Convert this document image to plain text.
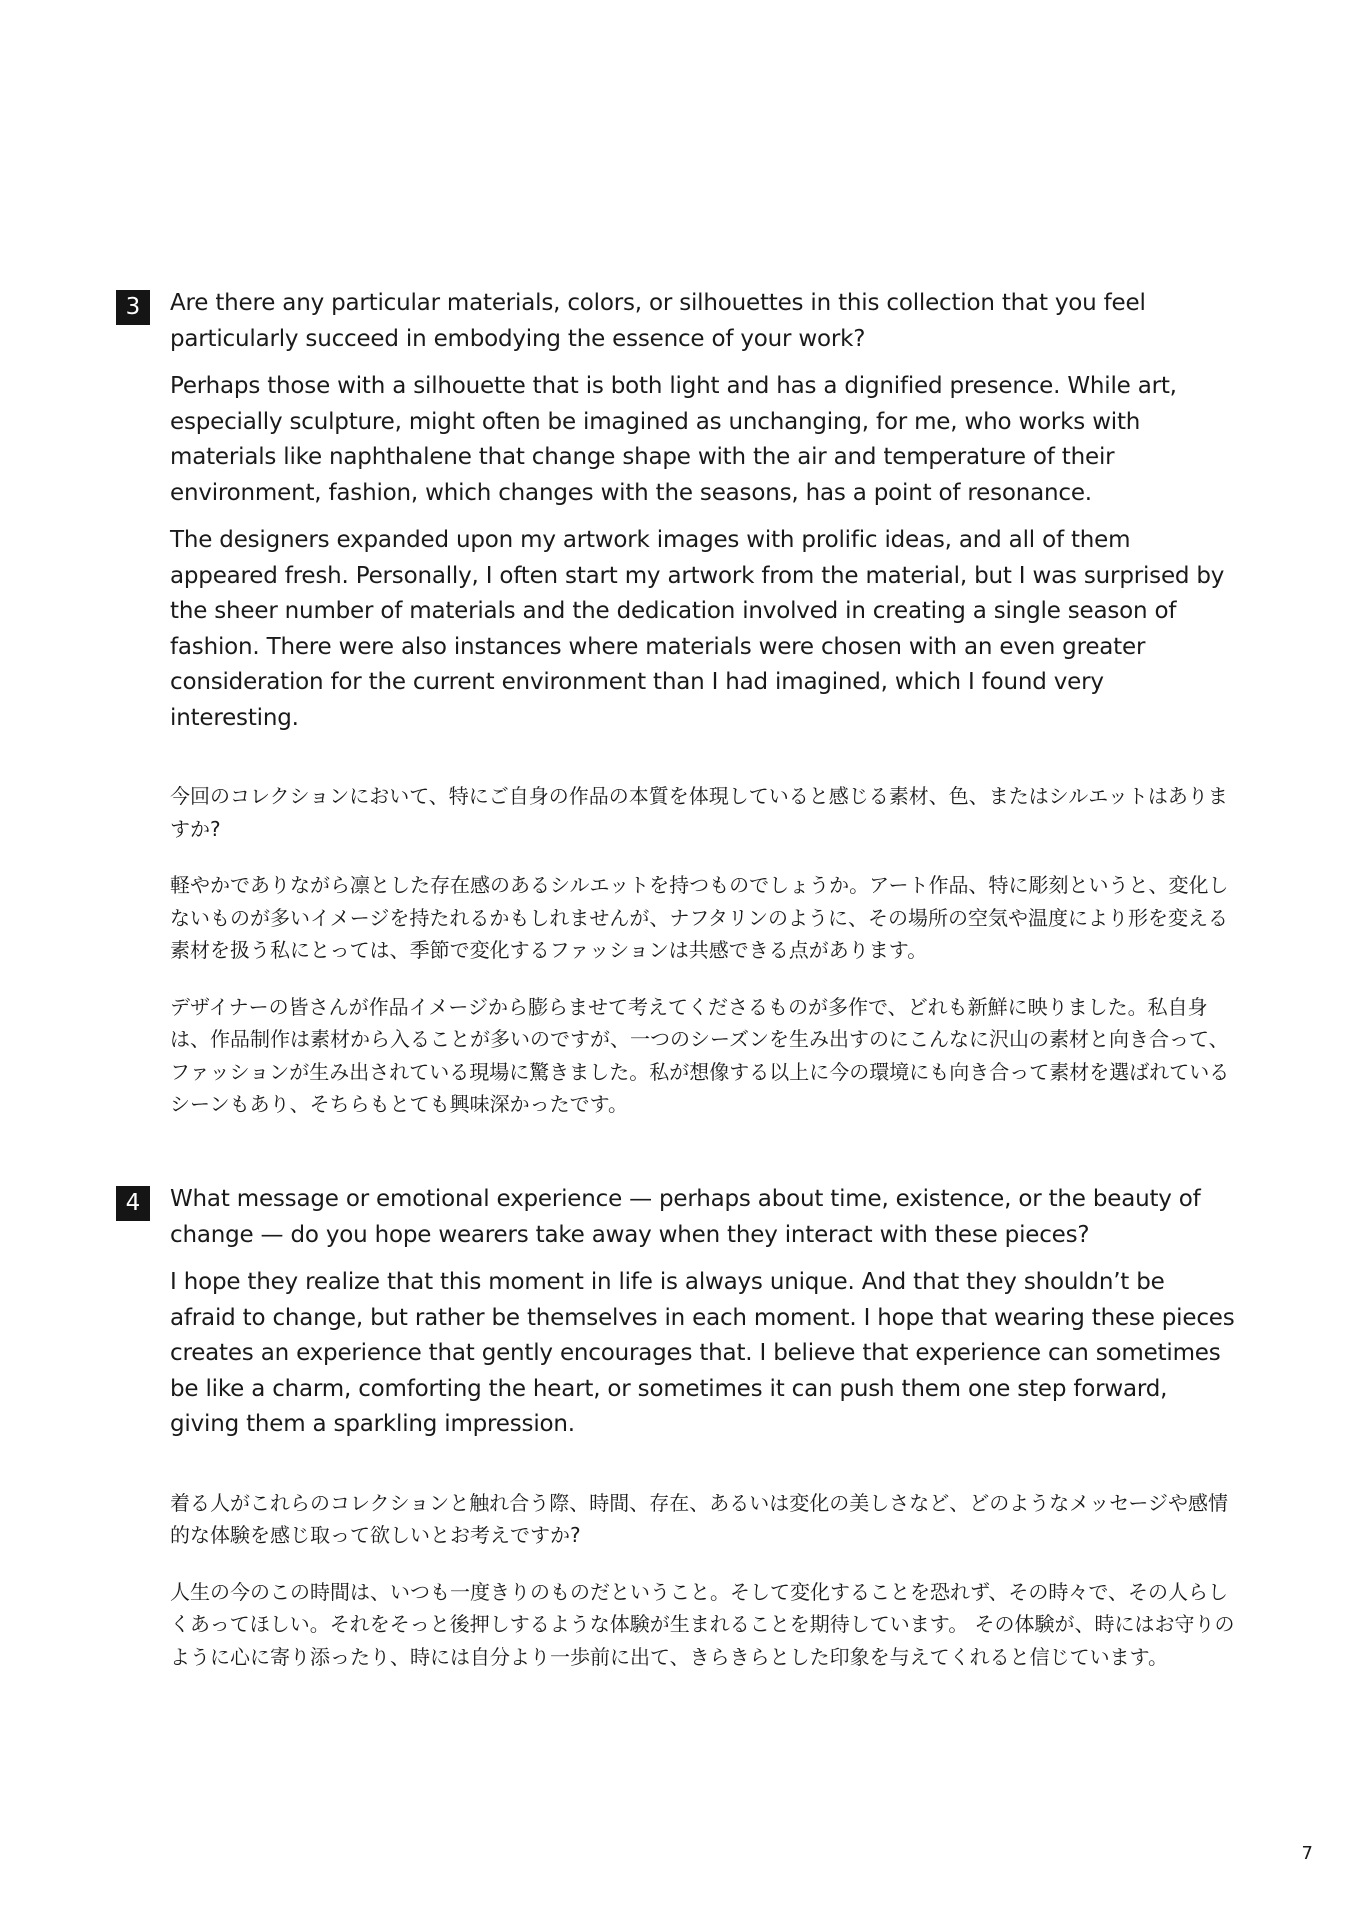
3	Are there any particular materials, colors, or silhouettes in this collection that you feel particularly succeed in embodying the essence of your work?

Perhaps those with a silhouette that is both light and has a dignified presence. While art, especially sculpture, might often be imagined as unchanging, for me, who works with materials like naphthalene that change shape with the air and temperature of their environment, fashion, which changes with the seasons, has a point of resonance.

The designers expanded upon my artwork images with prolific ideas, and all of them appeared fresh. Personally, I often start my artwork from the material, but I was surprised by the sheer number of materials and the dedication involved in creating a single season of fashion. There were also instances where materials were chosen with an even greater consideration for the current environment than I had imagined, which I found very interesting.

今回のコレクションにおいて、特にご自身の作品の本質を体現していると感じる素材、色、またはシルエットはありますか?

軽やかでありながら凛とした存在感のあるシルエットを持つものでしょうか。アート作品、特に彫刻というと、変化しないものが多いイメージを持たれるかもしれませんが、ナフタリンのように、その場所の空気や温度により形を変える素材を扱う私にとっては、季節で変化するファッションは共感できる点があります。

デザイナーの皆さんが作品イメージから膨らませて考えてくださるものが多作で、どれも新鮮に映りました。私自身は、作品制作は素材から入ることが多いのですが、一つのシーズンを生み出すのにこんなに沢山の素材と向き合って、ファッションが生み出されている現場に驚きました。私が想像する以上に今の環境にも向き合って素材を選ばれているシーンもあり、そちらもとても興味深かったです。

4	What message or emotional experience — perhaps about time, existence, or the beauty of change — do you hope wearers take away when they interact with these pieces?

I hope they realize that this moment in life is always unique. And that they shouldn’t be afraid to change, but rather be themselves in each moment. I hope that wearing these pieces creates an experience that gently encourages that. I believe that experience can sometimes be like a charm, comforting the heart, or sometimes it can push them one step forward, giving them a sparkling impression.

着る人がこれらのコレクションと触れ合う際、時間、存在、あるいは変化の美しさなど、どのようなメッセージや感情的な体験を感じ取って欲しいとお考えですか?

人生の今のこの時間は、いつも一度きりのものだということ。そして変化することを恐れず、その時々で、その人らしくあってほしい。それをそっと後押しするような体験が生まれることを期待しています。 その体験が、時にはお守りのように心に寄り添ったり、時には自分より一歩前に出て、きらきらとした印象を与えてくれると信じています。

7
